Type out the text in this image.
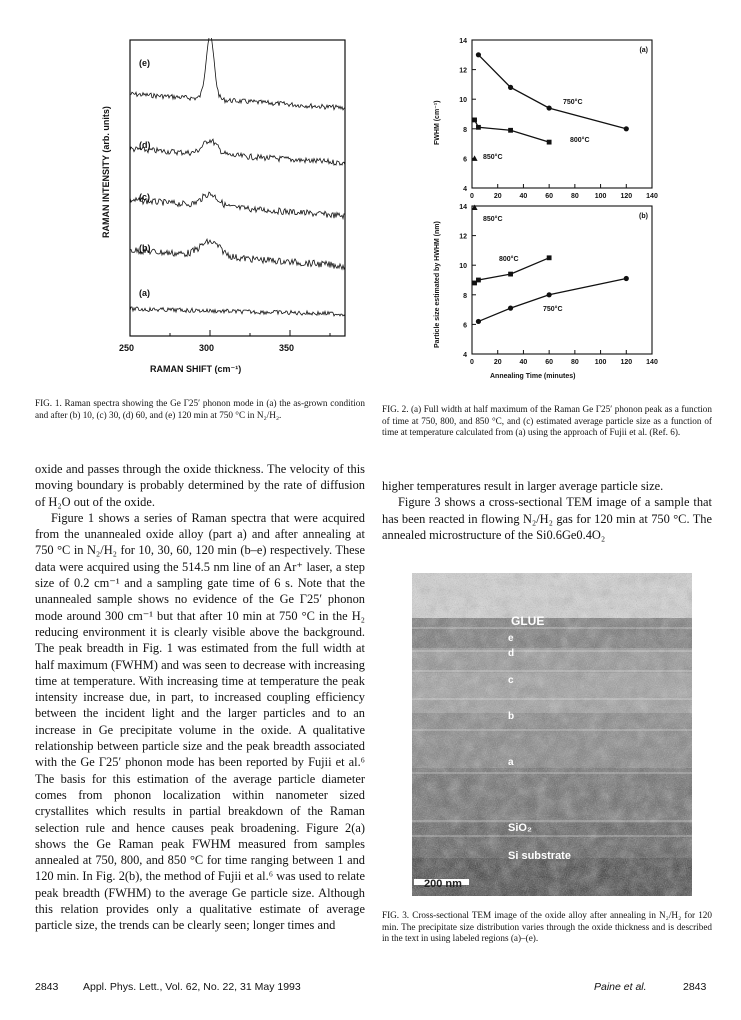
RAMAN INTENSITY (arb. units)
250	300	350
RAMAN SHIFT (cm⁻¹)
(e)
(d)
(c)
(b)
(a)
FIG. 1. Raman spectra showing the Ge Γ25′ phonon mode in (a) the as-grown condition and after (b) 10, (c) 30, (d) 60, and (e) 120 min at 750 °C in N₂/H₂.
FWHM (cm⁻¹)
Particle size estimated by HWHM (nm)
Annealing Time (minutes)
4
6
8
10
12
14
0	20	40	60	80 100 120 140
(a)
750°C
800°C
850°C
4
6
8
10
12
14
0	20	40	60	80 100 120 140
(b)
750°C
800°C
850°C
FIG. 2. (a) Full width at half maximum of the Raman Ge Γ25′ phonon peak as a function of time at 750, 800, and 850 °C, and (c) estimated average particle size as a function of time at temperature calculated from (a) using the approach of Fujii et al. (Ref. 6).

oxide and passes through the oxide thickness. The velocity of this moving boundary is probably determined by the rate of diffusion of H₂O out of the oxide.

Figure 1 shows a series of Raman spectra that were acquired from the unannealed oxide alloy (part a) and after annealing at 750 °C in N₂/H₂ for 10, 30, 60, 120 min (b–e) respectively. These data were acquired using the 514.5 nm line of an Ar⁺ laser, a step size of 0.2 cm⁻¹ and a sampling gate time of 6 s. Note that the unannealed sample shows no evidence of the Ge Γ25′ phonon mode around 300 cm⁻¹ but that after 10 min at 750 °C in the H₂ reducing environment it is clearly visible above the background. The peak breadth in Fig. 1 was estimated from the full width at half maximum (FWHM) and was seen to decrease with increasing time at temperature. With increasing time at temperature the peak intensity increase due, in part, to increased coupling efficiency between the incident light and the larger particles and to an increase in Ge precipitate volume in the oxide. A qualitative relationship between particle size and the peak breadth associated with the Ge Γ25′ phonon mode has been reported by Fujii et al.⁶ The basis for this estimation of the average particle diameter comes from phonon localization within nanometer sized crystallites which results in partial breakdown of the Raman selection rule and hence causes peak broadening. Figure 2(a) shows the Ge Raman peak FWHM measured from samples annealed at 750, 800, and 850 °C for time ranging between 1 and 120 min. In Fig. 2(b), the method of Fujii et al.⁶ was used to relate peak breadth (FWHM) to the average Ge particle size. Although this relation provides only a qualitative estimate of average particle size, the trends can be clearly seen; longer times and

higher temperatures result in larger average particle size.

Figure 3 shows a cross-sectional TEM image of a sample that has been reacted in flowing N₂/H₂ gas for 120 min at 750 °C. The annealed microstructure of the Si0.6Ge0.4O₂

GLUE
e
d
c
b
a
SiO₂
Si substrate
200 nm
FIG. 3. Cross-sectional TEM image of the oxide alloy after annealing in N₂/H₂ for 120 min. The precipitate size distribution varies through the oxide thickness and is described in the text in using labeled regions (a)–(e).
2843 Appl. Phys. Lett., Vol. 62, No. 22, 31 May 1993	Paine et al.	2843
